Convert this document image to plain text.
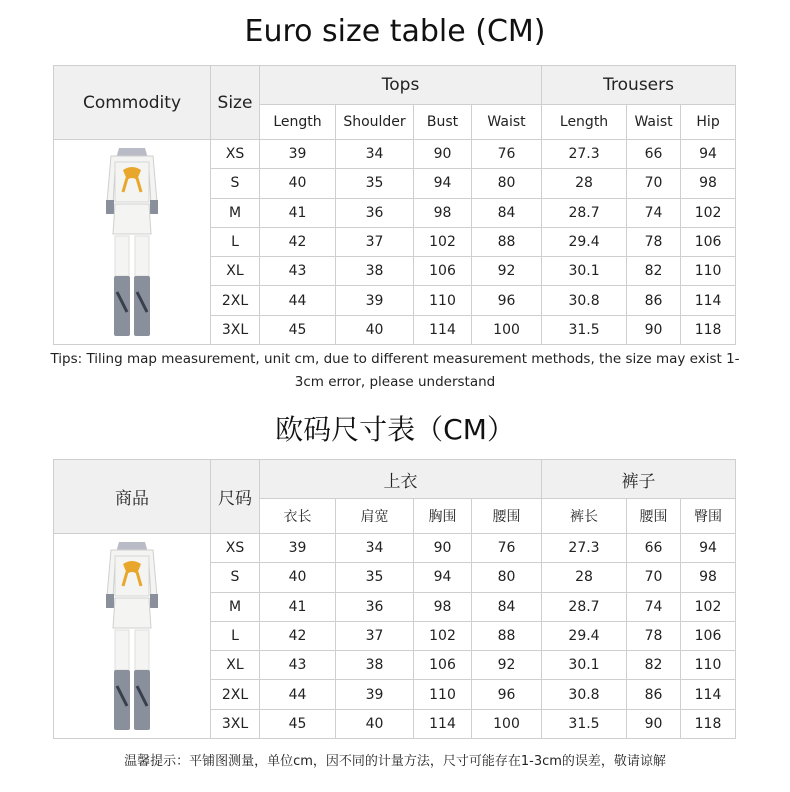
Euro size table (CM)
Commodity	Size	Tops				Trousers		
		Length	Shoulder	Bust	Waist	Length	Waist	Hip

	XS	39	34	90	76	27.3	66	94
	S	40	35	94	80	28	70	98
	M	41	36	98	84	28.7	74	102
	L	42	37	102	88	29.4	78	106
	XL	43	38	106	92	30.1	82	110
	2XL	44	39	110	96	30.8	86	114
	3XL	45	40	114	100	31.5	90	118
Tips: Tiling map measurement, unit cm, due to different measurement methods, the size may exist 1-3cm error, please understand
欧码尺寸表（CM）
商品	尺码	上衣				裤子		
		衣长	肩宽	胸围	腰围	裤长	腰围	臀围

	XS	39	34	90	76	27.3	66	94
	S	40	35	94	80	28	70	98
	M	41	36	98	84	28.7	74	102
	L	42	37	102	88	29.4	78	106
	XL	43	38	106	92	30.1	82	110
	2XL	44	39	110	96	30.8	86	114
	3XL	45	40	114	100	31.5	90	118
温馨提示：平铺图测量，单位cm，因不同的计量方法，尺寸可能存在1-3cm的误差，敬请谅解
